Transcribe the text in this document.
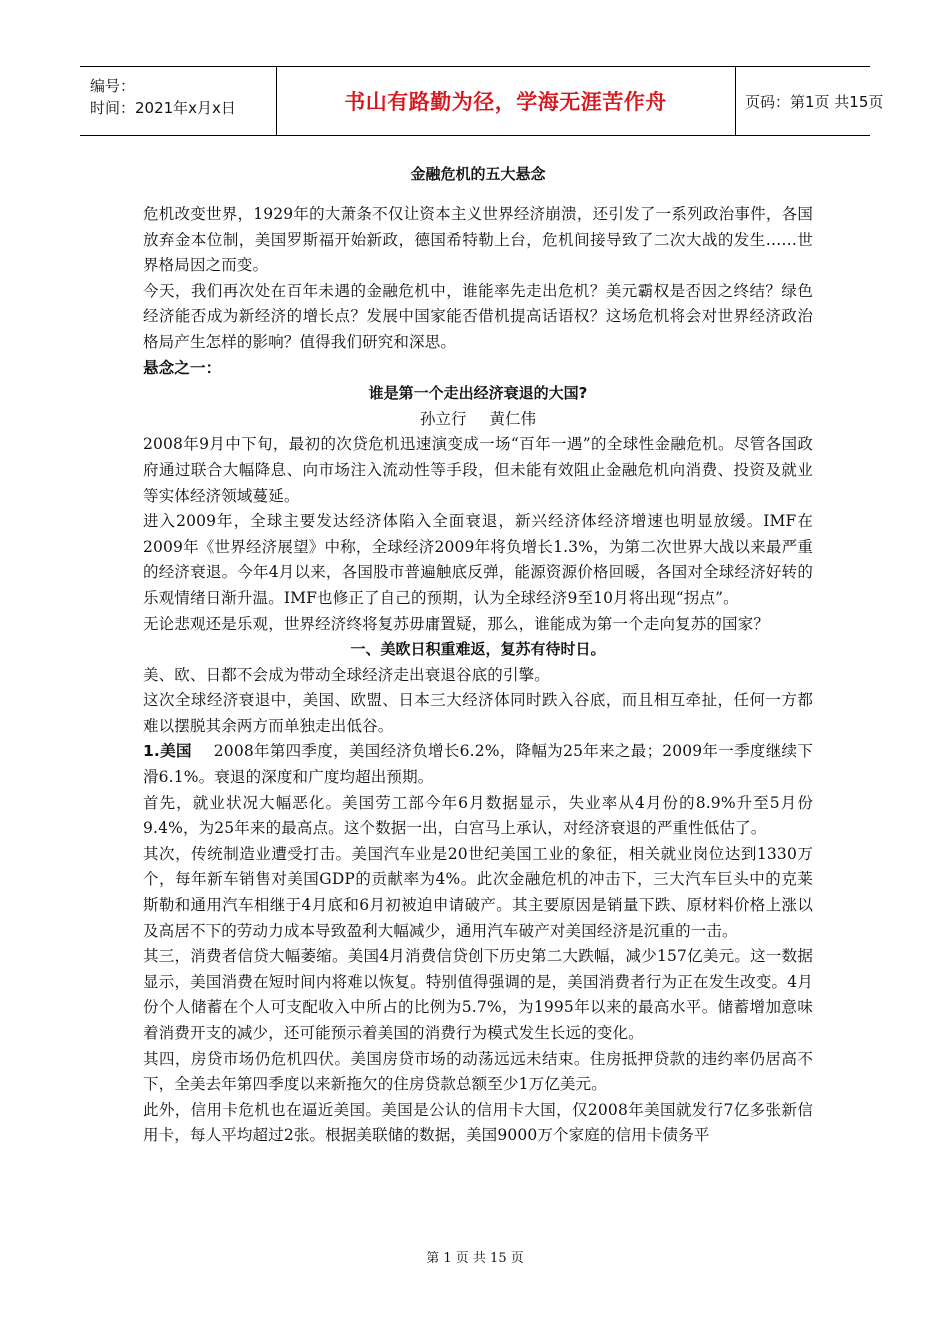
编号：
时间：2021年x月x日	书山有路勤为径，学海无涯苦作舟	页码：第1页 共15页
金融危机的五大悬念

危机改变世界，1929年的大萧条不仅让资本主义世界经济崩溃，还引发了一系列政治事件，各国放弃金本位制，美国罗斯福开始新政，德国希特勒上台，危机间接导致了二次大战的发生……世界格局因之而变。

今天，我们再次处在百年未遇的金融危机中，谁能率先走出危机？美元霸权是否因之终结？绿色经济能否成为新经济的增长点？发展中国家能否借机提高话语权？这场危机将会对世界经济政治格局产生怎样的影响？值得我们研究和深思。

悬念之一：

谁是第一个走出经济衰退的大国?
孙立行 黄仁伟

2008年9月中下旬，最初的次贷危机迅速演变成一场“百年一遇”的全球性金融危机。尽管各国政府通过联合大幅降息、向市场注入流动性等手段，但未能有效阻止金融危机向消费、投资及就业等实体经济领域蔓延。

进入2009年，全球主要发达经济体陷入全面衰退，新兴经济体经济增速也明显放缓。IMF在2009年《世界经济展望》中称，全球经济2009年将负增长1.3%，为第二次世界大战以来最严重的经济衰退。今年4月以来，各国股市普遍触底反弹，能源资源价格回暖，各国对全球经济好转的乐观情绪日渐升温。IMF也修正了自己的预期，认为全球经济9至10月将出现“拐点”。

无论悲观还是乐观，世界经济终将复苏毋庸置疑，那么，谁能成为第一个走向复苏的国家？

一、美欧日积重难返，复苏有待时日。

美、欧、日都不会成为带动全球经济走出衰退谷底的引擎。

这次全球经济衰退中，美国、欧盟、日本三大经济体同时跌入谷底，而且相互牵扯，任何一方都难以摆脱其余两方而单独走出低谷。

1.美国 2008年第四季度，美国经济负增长6.2%，降幅为25年来之最；2009年一季度继续下滑6.1%。衰退的深度和广度均超出预期。

首先，就业状况大幅恶化。美国劳工部今年6月数据显示，失业率从4月份的8.9%升至5月份9.4%，为25年来的最高点。这个数据一出，白宫马上承认，对经济衰退的严重性低估了。

其次，传统制造业遭受打击。美国汽车业是20世纪美国工业的象征，相关就业岗位达到1330万个，每年新车销售对美国GDP的贡献率为4%。此次金融危机的冲击下，三大汽车巨头中的克莱斯勒和通用汽车相继于4月底和6月初被迫申请破产。其主要原因是销量下跌、原材料价格上涨以及高居不下的劳动力成本导致盈利大幅减少，通用汽车破产对美国经济是沉重的一击。

其三，消费者信贷大幅萎缩。美国4月消费信贷创下历史第二大跌幅，减少157亿美元。这一数据显示，美国消费在短时间内将难以恢复。特别值得强调的是，美国消费者行为正在发生改变。4月份个人储蓄在个人可支配收入中所占的比例为5.7%，为1995年以来的最高水平。储蓄增加意味着消费开支的减少，还可能预示着美国的消费行为模式发生长远的变化。

其四，房贷市场仍危机四伏。美国房贷市场的动荡远远未结束。住房抵押贷款的违约率仍居高不下，全美去年第四季度以来新拖欠的住房贷款总额至少1万亿美元。

此外，信用卡危机也在逼近美国。美国是公认的信用卡大国，仅2008年美国就发行7亿多张新信用卡，每人平均超过2张。根据美联储的数据，美国9000万个家庭的信用卡债务平

第 1 页 共 15 页
